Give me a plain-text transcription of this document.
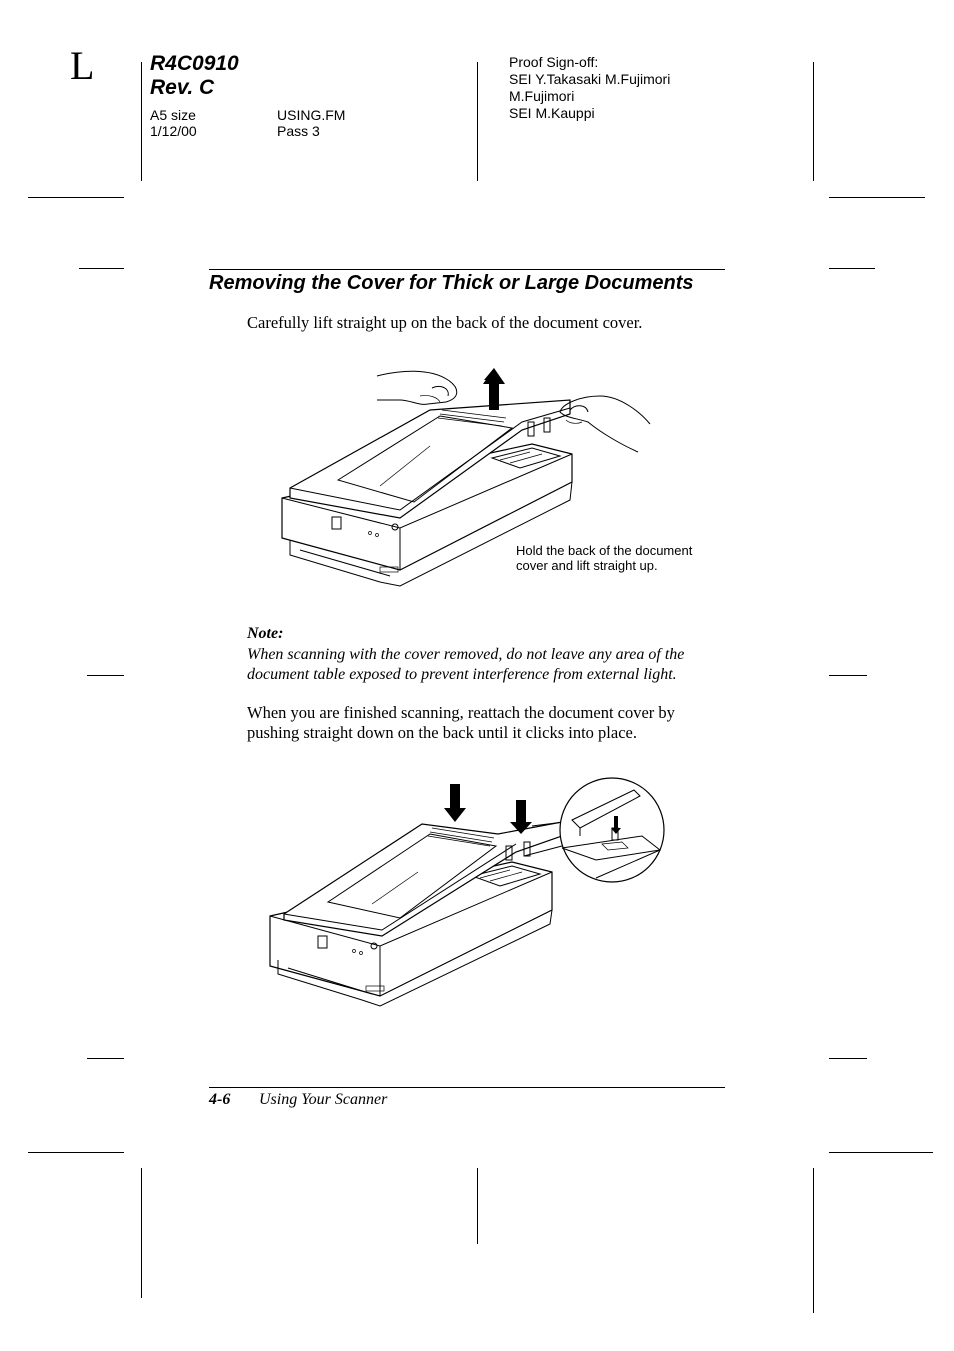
L	R4C0910
Rev. C
A5 size
1/12/00
USING.FM
Pass 3
Proof Sign-off:
SEI Y.Takasaki M.Fujimori
M.Fujimori
SEI M.Kauppi
Removing the Cover for Thick or Large Documents
Carefully lift straight up on the back of the document cover.
Hold the back of the document
cover and lift straight up.
Note:
When scanning with the cover removed, do not leave any area of the
document table exposed to prevent interference from external light.
When you are finished scanning, reattach the document cover by
pushing straight down on the back until it clicks into place.
4-6 Using Your Scanner
